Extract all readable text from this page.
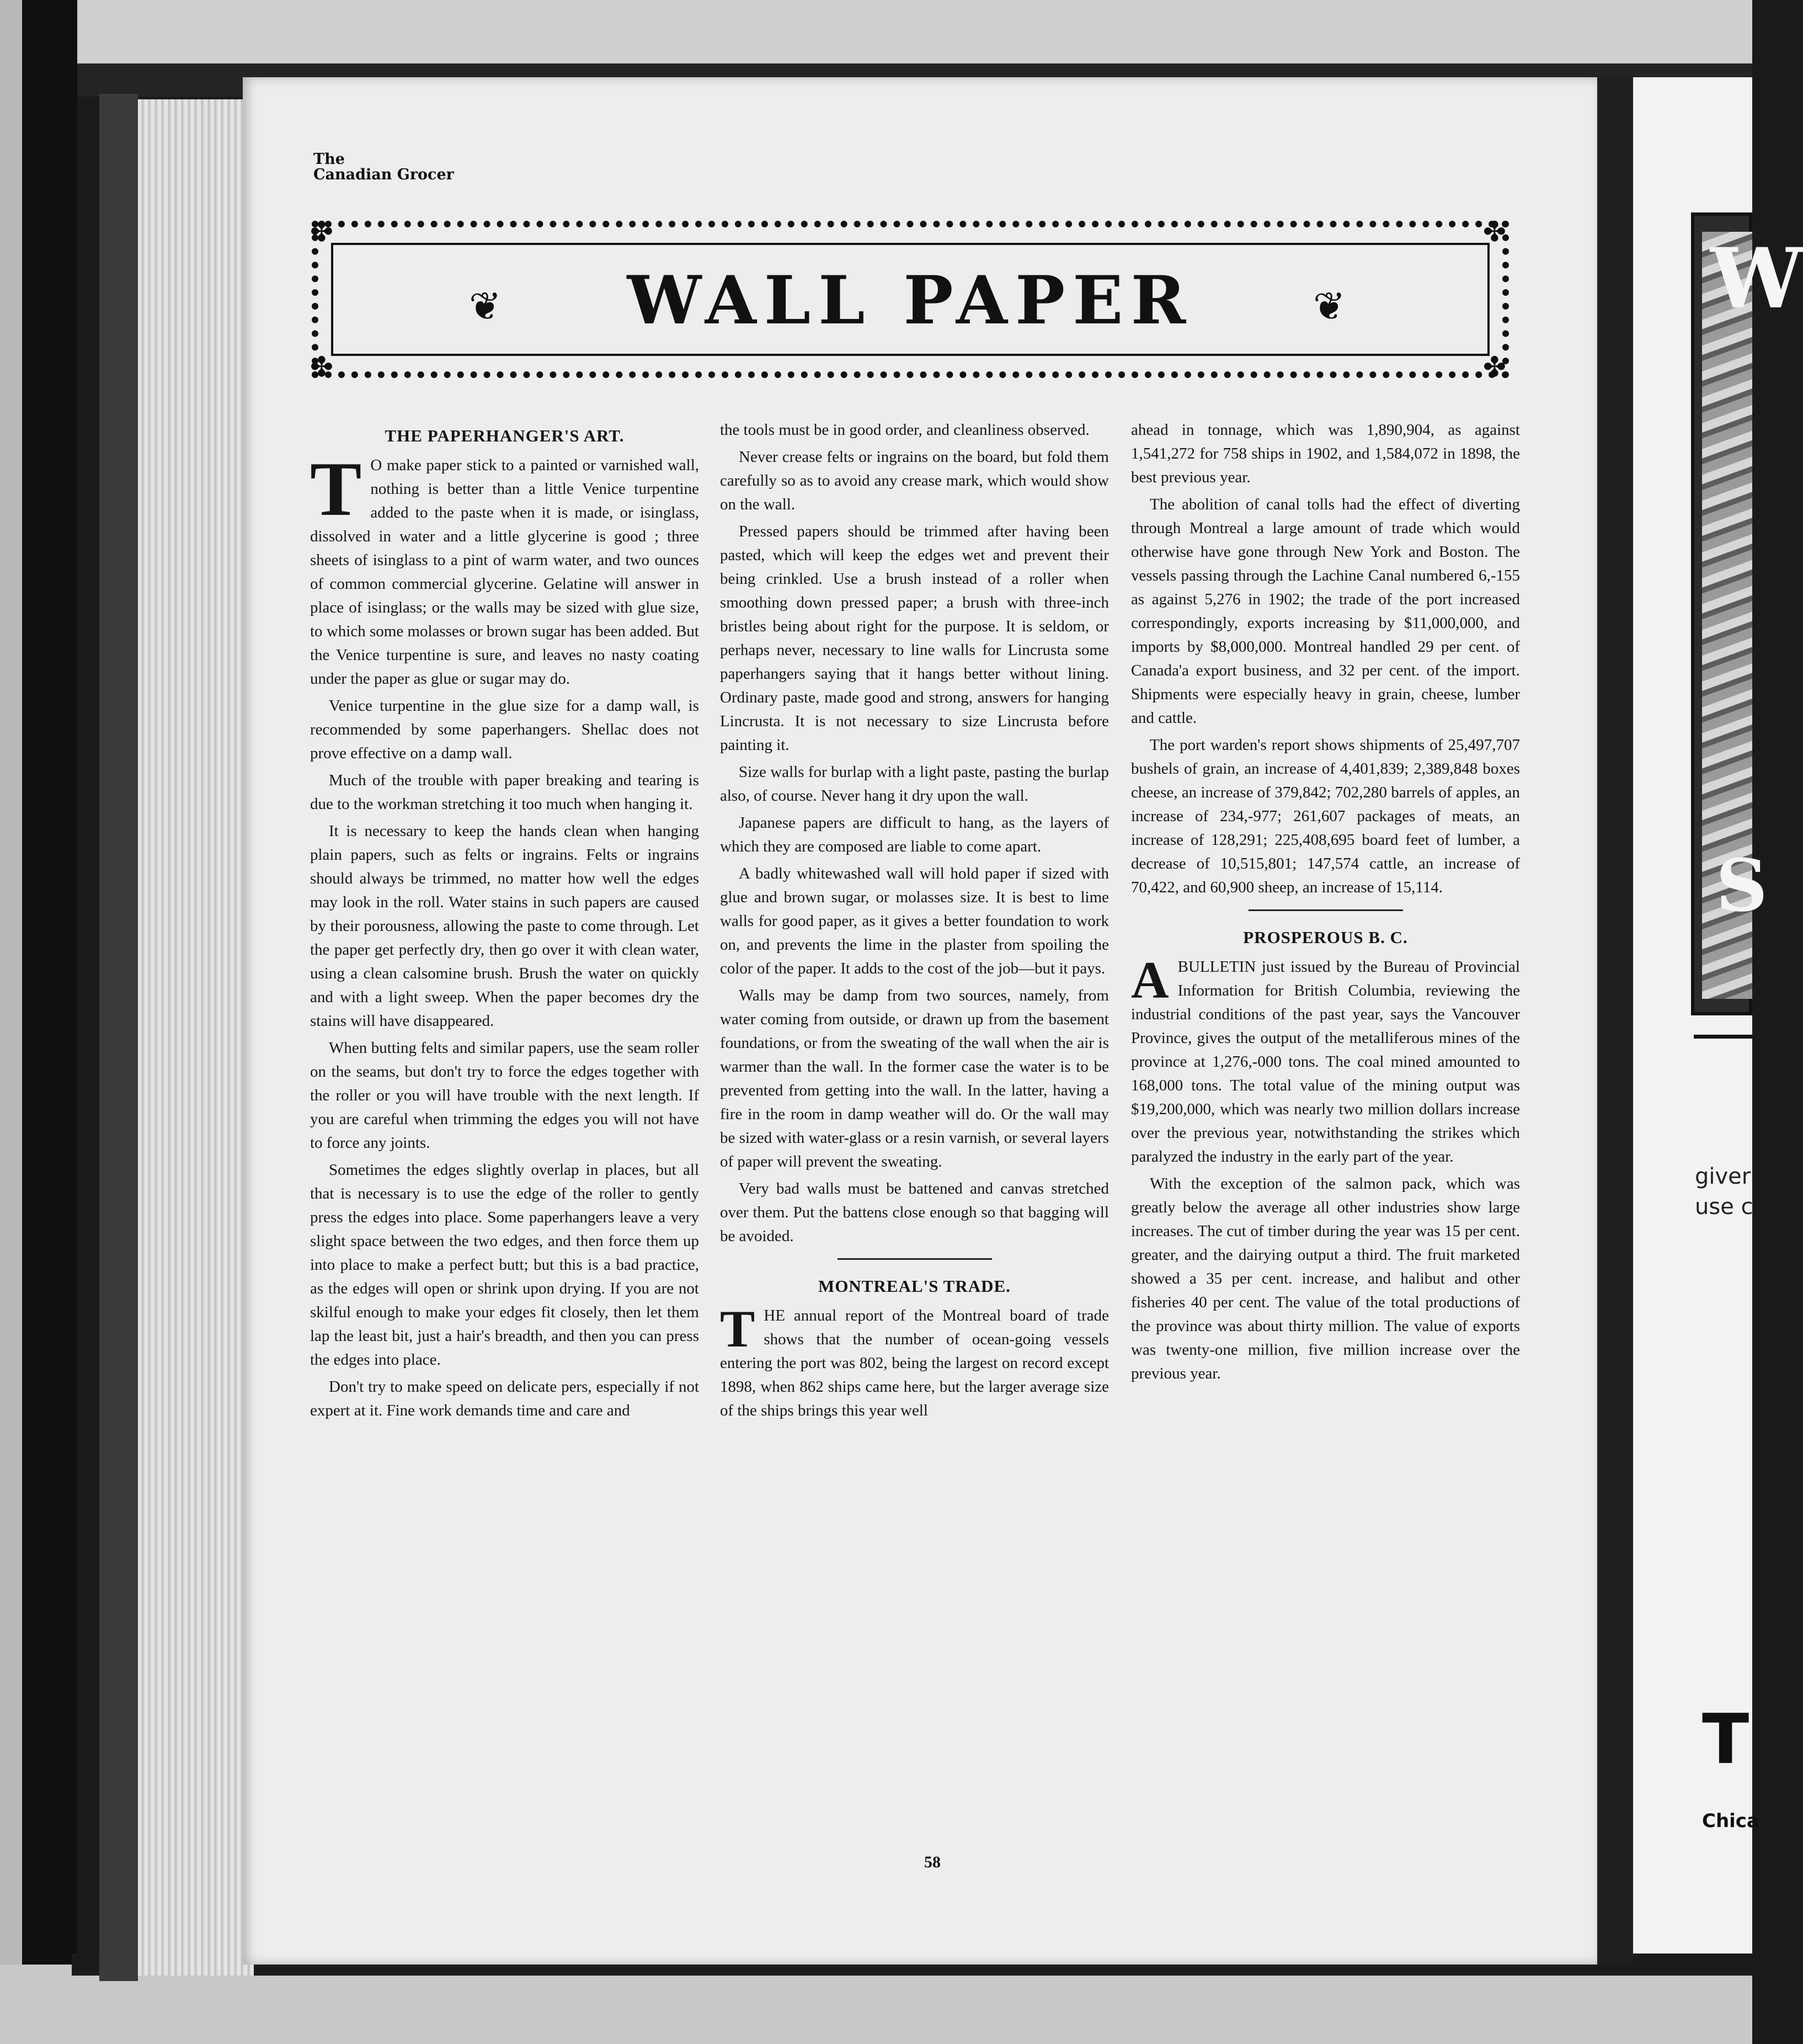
W
S
giver
use c
T
Chica
The
Canadian Grocer
✤	✤
✤	✤
❦	❦
WALL PAPER
THE PAPERHANGER'S ART.

T O make paper stick to a painted or varnished wall, nothing is better than a little Venice turpentine added to the paste when it is made, or isinglass, dissolved in water and a little glycerine is good ; three sheets of isinglass to a pint of warm water, and two ounces of common commercial glycerine. Gelatine will answer in place of isinglass; or the walls may be sized with glue size, to which some molasses or brown sugar has been added. But the Venice turpentine is sure, and leaves no nasty coating under the paper as glue or sugar may do.

Venice turpentine in the glue size for a damp wall, is recommended by some paperhangers. Shellac does not prove effective on a damp wall.

Much of the trouble with paper breaking and tearing is due to the workman stretching it too much when hanging it.

It is necessary to keep the hands clean when hanging plain papers, such as felts or ingrains. Felts or ingrains should always be trimmed, no matter how well the edges may look in the roll. Water stains in such papers are caused by their porousness, allowing the paste to come through. Let the paper get perfectly dry, then go over it with clean water, using a clean calsomine brush. Brush the water on quickly and with a light sweep. When the paper becomes dry the stains will have disappeared.

When butting felts and similar papers, use the seam roller on the seams, but don't try to force the edges together with the roller or you will have trouble with the next length. If you are careful when trimming the edges you will not have to force any joints.

Sometimes the edges slightly overlap in places, but all that is necessary is to use the edge of the roller to gently press the edges into place. Some paperhangers leave a very slight space between the two edges, and then force them up into place to make a perfect butt; but this is a bad practice, as the edges will open or shrink upon drying. If you are not skilful enough to make your edges fit closely, then let them lap the least bit, just a hair's breadth, and then you can press the edges into place.

Don't try to make speed on delicate pers, especially if not expert at it. Fine work demands time and care and

the tools must be in good order, and cleanliness observed.

Never crease felts or ingrains on the board, but fold them carefully so as to avoid any crease mark, which would show on the wall.

Pressed papers should be trimmed after having been pasted, which will keep the edges wet and prevent their being crinkled. Use a brush instead of a roller when smoothing down pressed paper; a brush with three-inch bristles being about right for the purpose. It is seldom, or perhaps never, necessary to line walls for Lincrusta some paperhangers saying that it hangs better without lining. Ordinary paste, made good and strong, answers for hanging Lincrusta. It is not necessary to size Lincrusta before painting it.

Size walls for burlap with a light paste, pasting the burlap also, of course. Never hang it dry upon the wall.

Japanese papers are difficult to hang, as the layers of which they are composed are liable to come apart.

A badly whitewashed wall will hold paper if sized with glue and brown sugar, or molasses size. It is best to lime walls for good paper, as it gives a better foundation to work on, and prevents the lime in the plaster from spoiling the color of the paper. It adds to the cost of the job—but it pays.

Walls may be damp from two sources, namely, from water coming from outside, or drawn up from the basement foundations, or from the sweating of the wall when the air is warmer than the wall. In the former case the water is to be prevented from getting into the wall. In the latter, having a fire in the room in damp weather will do. Or the wall may be sized with water-glass or a resin varnish, or several layers of paper will prevent the sweating.

Very bad walls must be battened and canvas stretched over them. Put the battens close enough so that bagging will be avoided.

MONTREAL'S TRADE.

THE annual report of the Montreal board of trade shows that the number of ocean-going vessels entering the port was 802, being the largest on record except 1898, when 862 ships came here, but the larger average size of the ships brings this year well

ahead in tonnage, which was 1,890,904, as against 1,541,272 for 758 ships in 1902, and 1,584,072 in 1898, the best previous year.

The abolition of canal tolls had the effect of diverting through Montreal a large amount of trade which would otherwise have gone through New York and Boston. The vessels passing through the Lachine Canal numbered 6,-155 as against 5,276 in 1902; the trade of the port increased correspondingly, exports increasing by $11,000,000, and imports by $8,000,000. Montreal handled 29 per cent. of Canada'a export business, and 32 per cent. of the import. Shipments were especially heavy in grain, cheese, lumber and cattle.

The port warden's report shows shipments of 25,497,707 bushels of grain, an increase of 4,401,839; 2,389,848 boxes cheese, an increase of 379,842; 702,280 barrels of apples, an increase of 234,-977; 261,607 packages of meats, an increase of 128,291; 225,408,695 board feet of lumber, a decrease of 10,515,801; 147,574 cattle, an increase of 70,422, and 60,900 sheep, an increase of 15,114.

PROSPEROUS B. C.

ABULLETIN just issued by the Bureau of Provincial Information for British Columbia, reviewing the industrial conditions of the past year, says the Vancouver Province, gives the output of the metalliferous mines of the province at 1,276,-000 tons. The coal mined amounted to 168,000 tons. The total value of the mining output was $19,200,000, which was nearly two million dollars increase over the previous year, notwithstanding the strikes which paralyzed the industry in the early part of the year.

With the exception of the salmon pack, which was greatly below the average all other industries show large increases. The cut of timber during the year was 15 per cent. greater, and the dairying output a third. The fruit marketed showed a 35 per cent. increase, and halibut and other fisheries 40 per cent. The value of the total productions of the province was about thirty million. The value of exports was twenty-one million, five million increase over the previous year.

58
